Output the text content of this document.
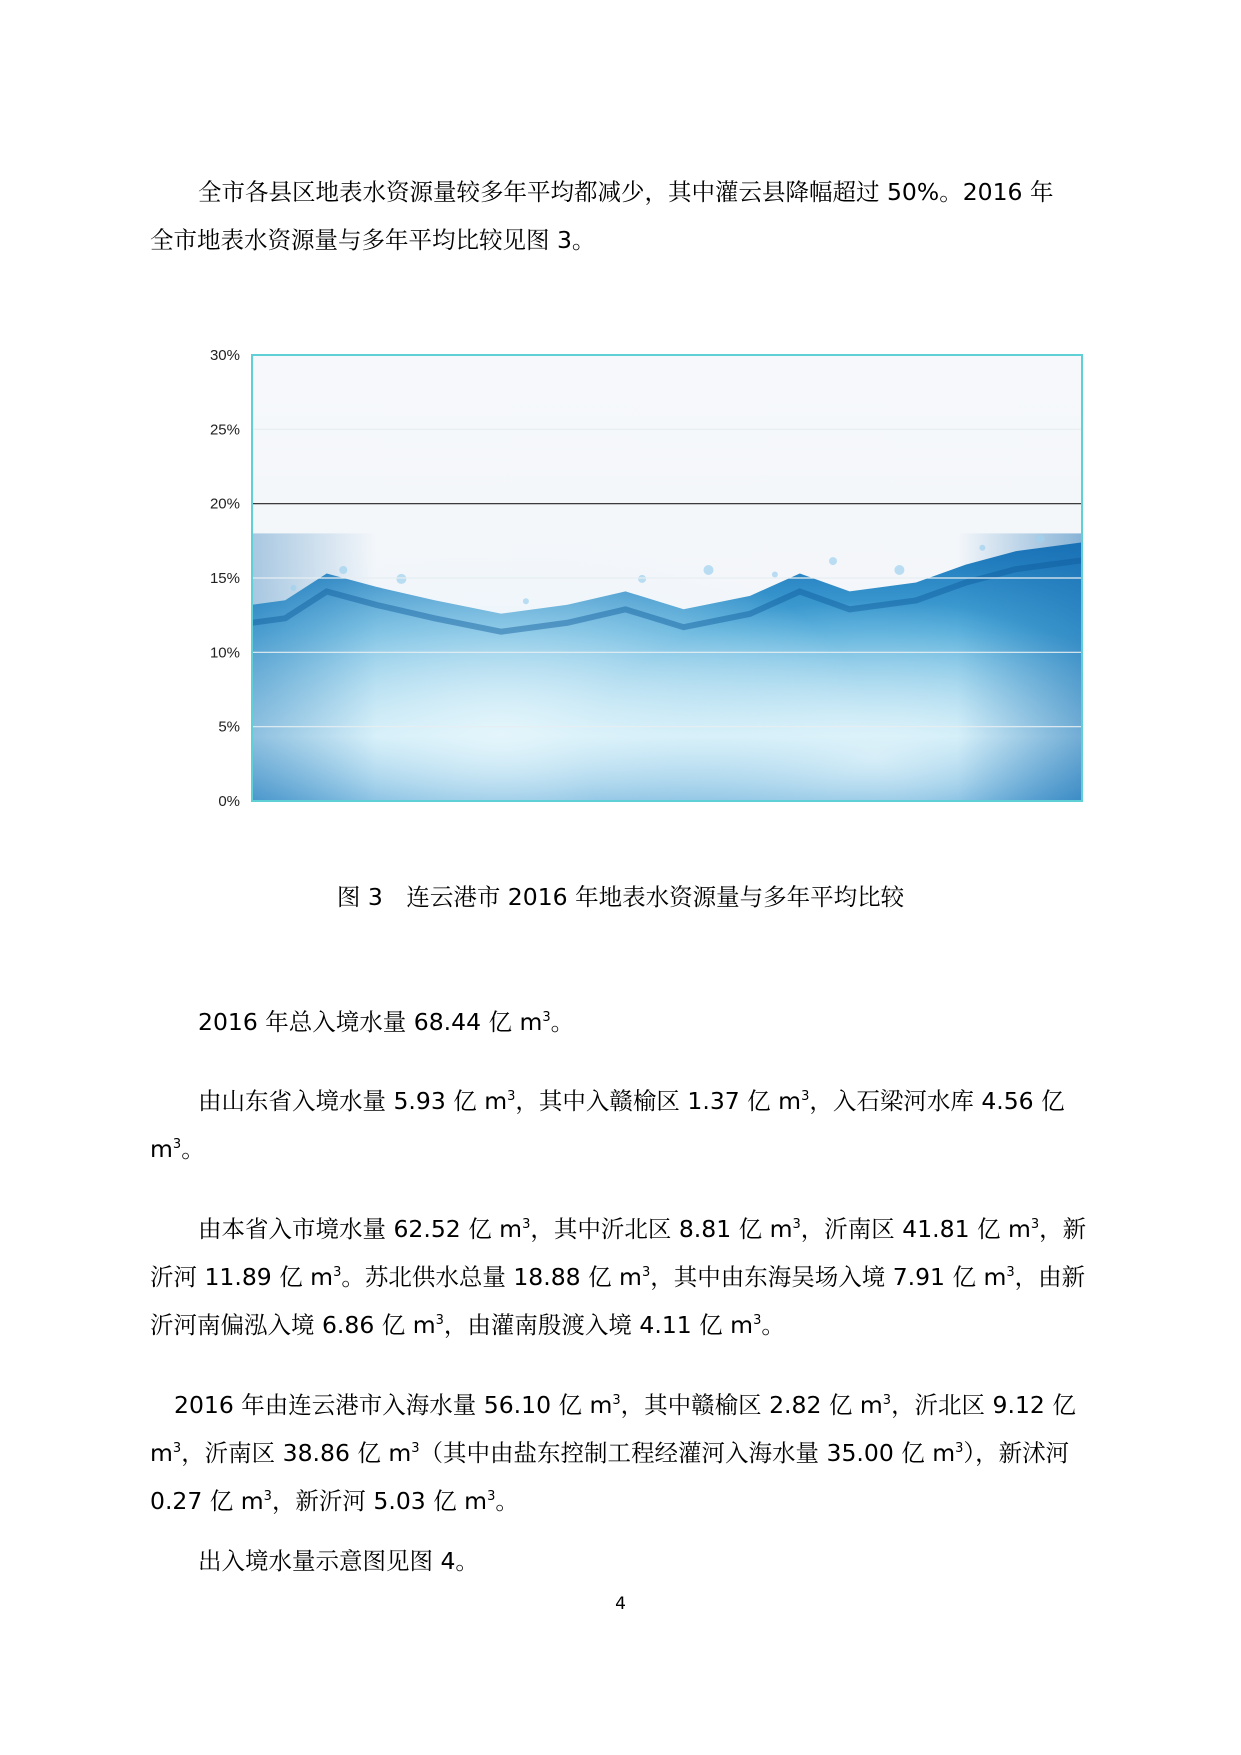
全市各县区地表水资源量较多年平均都减少，其中灌云县降幅超过 50%。2016 年

全市地表水资源量与多年平均比较见图 3。

0%
5%
10%
15%
20%
25%
30%
图 3　连云港市 2016 年地表水资源量与多年平均比较

2016 年总入境水量 68.44 亿 $m^3$。

由山东省入境水量 5.93 亿 $m^3$，其中入赣榆区 1.37 亿 $m^3$，入石梁河水库 4.56 亿

$m^3$。

由本省入市境水量 62.52 亿 $m^3$，其中沂北区 8.81 亿 $m^3$，沂南区 41.81 亿 $m^3$，新

沂河 11.89 亿 $m^3$。苏北供水总量 18.88 亿 $m^3$，其中由东海吴场入境 7.91 亿 $m^3$，由新

沂河南偏泓入境 6.86 亿 $m^3$，由灌南殷渡入境 4.11 亿 $m^3$。

2016 年由连云港市入海水量 56.10 亿 $m^3$，其中赣榆区 2.82 亿 $m^3$，沂北区 9.12 亿

$m^3$，沂南区 38.86 亿 $m^3$（其中由盐东控制工程经灌河入海水量 35.00 亿 $m^3$），新沭河

0.27 亿 $m^3$，新沂河 5.03 亿 $m^3$。

出入境水量示意图见图 4。

4
